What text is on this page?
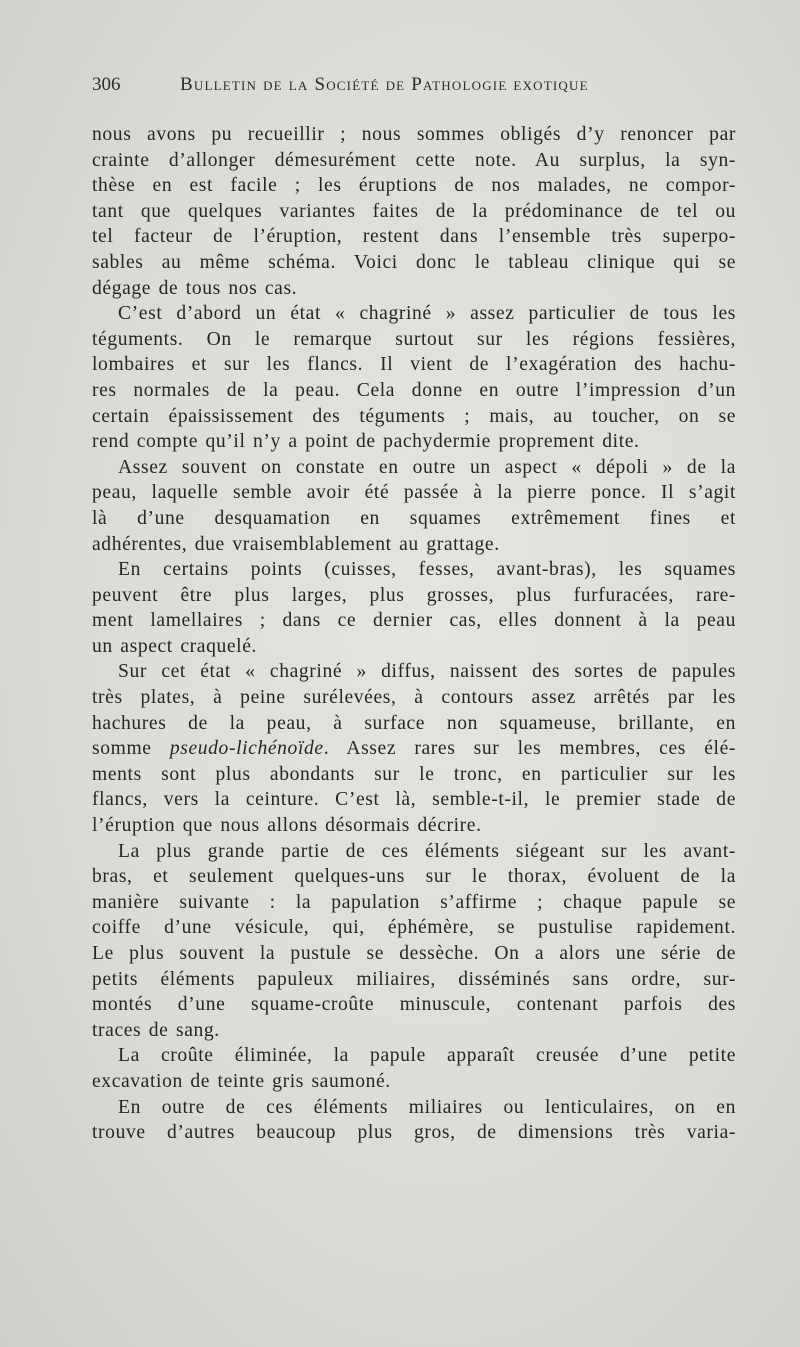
306	Bulletin de la Société de Pathologie exotique

nous avons pu recueillir ; nous sommes obligés d’y renoncer par
crainte d’allonger démesurément cette note. Au surplus, la syn-
thèse en est facile ; les éruptions de nos malades, ne compor-
tant que quelques variantes faites de la prédominance de tel ou
tel facteur de l’éruption, restent dans l’ensemble très superpo-
sables au même schéma. Voici donc le tableau clinique qui se
dégage de tous nos cas.

C’est d’abord un état « chagriné » assez particulier de tous les
téguments. On le remarque surtout sur les régions fessières,
lombaires et sur les flancs. Il vient de l’exagération des hachu-
res normales de la peau. Cela donne en outre l’impression d’un
certain épaississement des téguments ; mais, au toucher, on se
rend compte qu’il n’y a point de pachydermie proprement dite.

Assez souvent on constate en outre un aspect « dépoli » de la
peau, laquelle semble avoir été passée à la pierre ponce. Il s’agit
là d’une desquamation en squames extrêmement fines et
adhérentes, due vraisemblablement au grattage.

En certains points (cuisses, fesses, avant-bras), les squames
peuvent être plus larges, plus grosses, plus furfuracées, rare-
ment lamellaires ; dans ce dernier cas, elles donnent à la peau
un aspect craquelé.

Sur cet état « chagriné » diffus, naissent des sortes de papules
très plates, à peine surélevées, à contours assez arrêtés par les
hachures de la peau, à surface non squameuse, brillante, en
somme pseudo-lichénoïde. Assez rares sur les membres, ces élé-
ments sont plus abondants sur le tronc, en particulier sur les
flancs, vers la ceinture. C’est là, semble-t-il, le premier stade de
l’éruption que nous allons désormais décrire.

La plus grande partie de ces éléments siégeant sur les avant-
bras, et seulement quelques-uns sur le thorax, évoluent de la
manière suivante : la papulation s’affirme ; chaque papule se
coiffe d’une vésicule, qui, éphémère, se pustulise rapidement.
Le plus souvent la pustule se dessèche. On a alors une série de
petits éléments papuleux miliaires, disséminés sans ordre, sur-
montés d’une squame-croûte minuscule, contenant parfois des
traces de sang.

La croûte éliminée, la papule apparaît creusée d’une petite
excavation de teinte gris saumoné.

En outre de ces éléments miliaires ou lenticulaires, on en
trouve d’autres beaucoup plus gros, de dimensions très varia-
